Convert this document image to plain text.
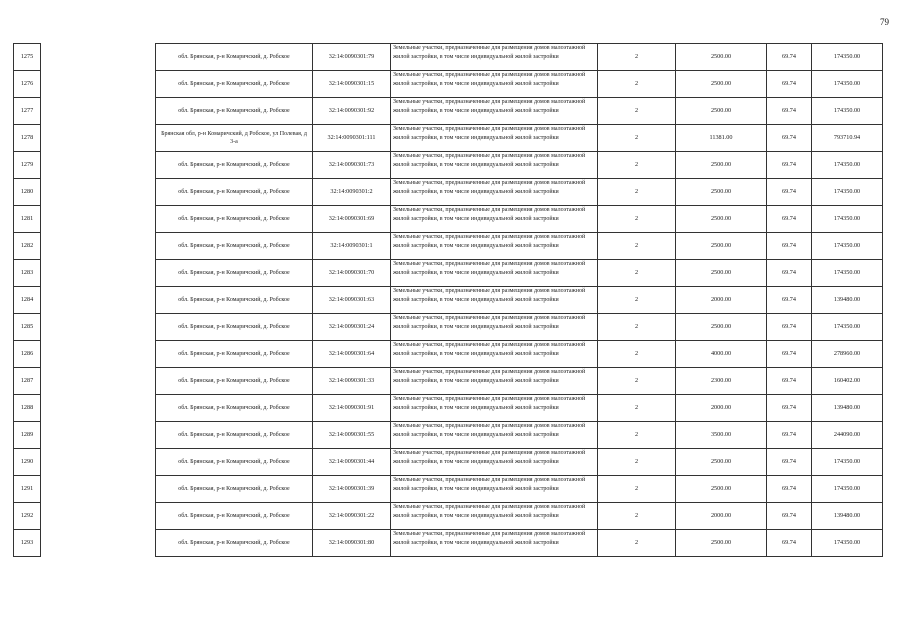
79
1275		обл. Брянская, р-н Комаричский, д. Робское	32:14:0090301:79	Земельные участки, предназначенные для размещения домов малоэтажной жилой застройки, в том числе индивидуальной жилой застройки	2	2500.00	69.74	174350.00
1276		обл. Брянская, р-н Комаричский, д. Робское	32:14:0090301:15	Земельные участки, предназначенные для размещения домов малоэтажной жилой застройки, в том числе индивидуальной жилой застройки	2	2500.00	69.74	174350.00
1277		обл. Брянская, р-н Комаричский, д. Робское	32:14:0090301:92	Земельные участки, предназначенные для размещения домов малоэтажной жилой застройки, в том числе индивидуальной жилой застройки	2	2500.00	69.74	174350.00
1278		Брянская обл, р-н Комаричский, д Робское, ул Полевая, д 3-а	32:14:0090301:111	Земельные участки, предназначенные для размещения домов малоэтажной жилой застройки, в том числе индивидуальной жилой застройки	2	11381.00	69.74	793710.94
1279		обл. Брянская, р-н Комаричский, д. Робское	32:14:0090301:73	Земельные участки, предназначенные для размещения домов малоэтажной жилой застройки, в том числе индивидуальной жилой застройки	2	2500.00	69.74	174350.00
1280		обл. Брянская, р-н Комаричский, д. Робское	32:14:0090301:2	Земельные участки, предназначенные для размещения домов малоэтажной жилой застройки, в том числе индивидуальной жилой застройки	2	2500.00	69.74	174350.00
1281		обл. Брянская, р-н Комаричский, д. Робское	32:14:0090301:69	Земельные участки, предназначенные для размещения домов малоэтажной жилой застройки, в том числе индивидуальной жилой застройки	2	2500.00	69.74	174350.00
1282		обл. Брянская, р-н Комаричский, д. Робское	32:14:0090301:1	Земельные участки, предназначенные для размещения домов малоэтажной жилой застройки, в том числе индивидуальной жилой застройки	2	2500.00	69.74	174350.00
1283		обл. Брянская, р-н Комаричский, д. Робское	32:14:0090301:70	Земельные участки, предназначенные для размещения домов малоэтажной жилой застройки, в том числе индивидуальной жилой застройки	2	2500.00	69.74	174350.00
1284		обл. Брянская, р-н Комаричский, д. Робское	32:14:0090301:63	Земельные участки, предназначенные для размещения домов малоэтажной жилой застройки, в том числе индивидуальной жилой застройки	2	2000.00	69.74	139480.00
1285		обл. Брянская, р-н Комаричский, д. Робское	32:14:0090301:24	Земельные участки, предназначенные для размещения домов малоэтажной жилой застройки, в том числе индивидуальной жилой застройки	2	2500.00	69.74	174350.00
1286		обл. Брянская, р-н Комаричский, д. Робское	32:14:0090301:64	Земельные участки, предназначенные для размещения домов малоэтажной жилой застройки, в том числе индивидуальной жилой застройки	2	4000.00	69.74	278960.00
1287		обл. Брянская, р-н Комаричский, д. Робское	32:14:0090301:33	Земельные участки, предназначенные для размещения домов малоэтажной жилой застройки, в том числе индивидуальной жилой застройки	2	2300.00	69.74	160402.00
1288		обл. Брянская, р-н Комаричский, д. Робское	32:14:0090301:91	Земельные участки, предназначенные для размещения домов малоэтажной жилой застройки, в том числе индивидуальной жилой застройки	2	2000.00	69.74	139480.00
1289		обл. Брянская, р-н Комаричский, д. Робское	32:14:0090301:55	Земельные участки, предназначенные для размещения домов малоэтажной жилой застройки, в том числе индивидуальной жилой застройки	2	3500.00	69.74	244090.00
1290		обл. Брянская, р-н Комаричский, д. Робское	32:14:0090301:44	Земельные участки, предназначенные для размещения домов малоэтажной жилой застройки, в том числе индивидуальной жилой застройки	2	2500.00	69.74	174350.00
1291		обл. Брянская, р-н Комаричский, д. Робское	32:14:0090301:39	Земельные участки, предназначенные для размещения домов малоэтажной жилой застройки, в том числе индивидуальной жилой застройки	2	2500.00	69.74	174350.00
1292		обл. Брянская, р-н Комаричский, д. Робское	32:14:0090301:22	Земельные участки, предназначенные для размещения домов малоэтажной жилой застройки, в том числе индивидуальной жилой застройки	2	2000.00	69.74	139480.00
1293		обл. Брянская, р-н Комаричский, д. Робское	32:14:0090301:80	Земельные участки, предназначенные для размещения домов малоэтажной жилой застройки, в том числе индивидуальной жилой застройки	2	2500.00	69.74	174350.00
